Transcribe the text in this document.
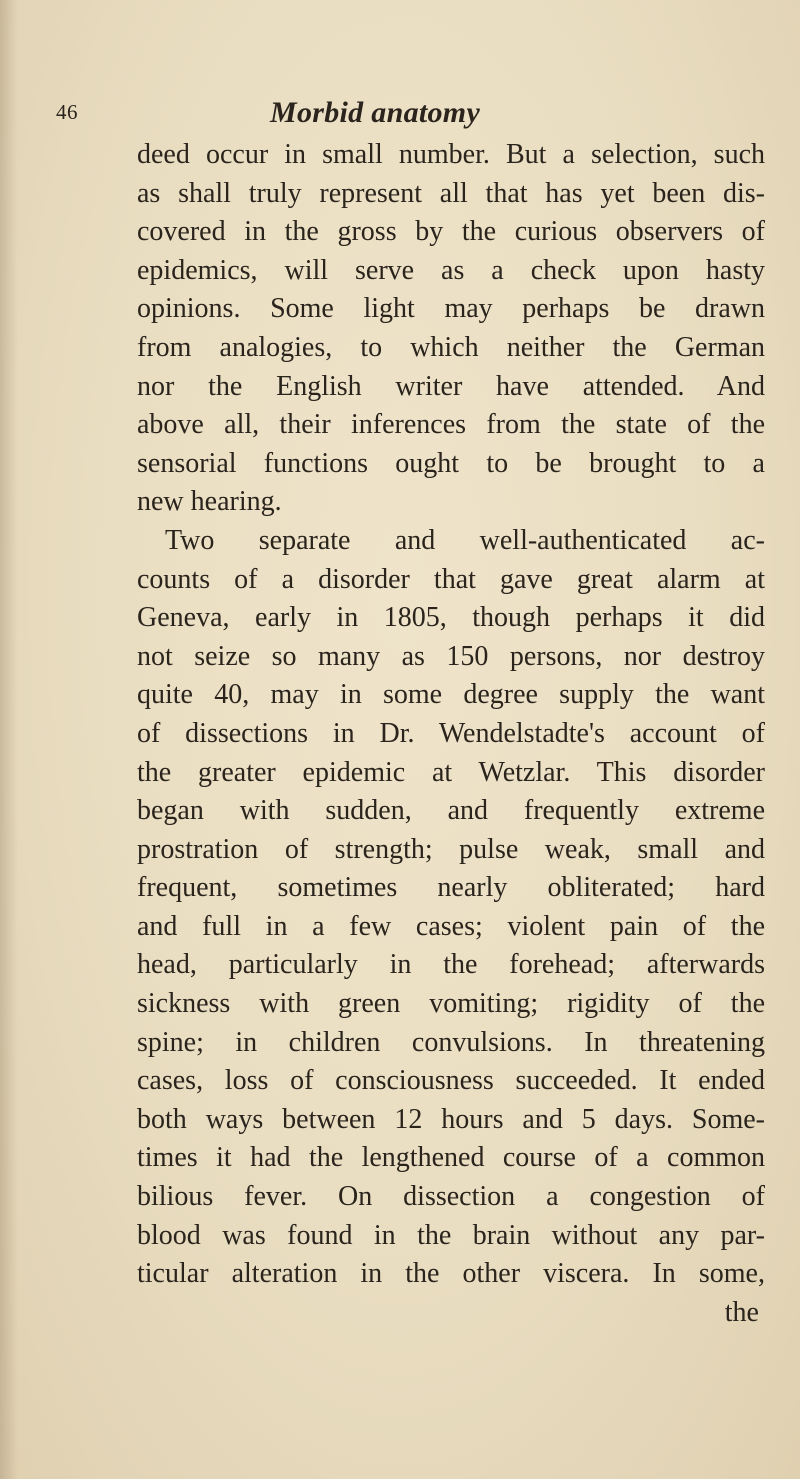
46	Morbid anatomy
deed occur in small number. But a selection, such
as shall truly represent all that has yet been dis-
covered in the gross by the curious observers of
epidemics, will serve as a check upon hasty
opinions. Some light may perhaps be drawn
from analogies, to which neither the German
nor the English writer have attended. And
above all, their inferences from the state of the
sensorial functions ought to be brought to a
new hearing.
Two separate and well-authenticated ac-
counts of a disorder that gave great alarm at
Geneva, early in 1805, though perhaps it did
not seize so many as 150 persons, nor destroy
quite 40, may in some degree supply the want
of dissections in Dr. Wendelstadte's account of
the greater epidemic at Wetzlar. This disorder
began with sudden, and frequently extreme
prostration of strength; pulse weak, small and
frequent, sometimes nearly obliterated; hard
and full in a few cases; violent pain of the
head, particularly in the forehead; afterwards
sickness with green vomiting; rigidity of the
spine; in children convulsions. In threatening
cases, loss of consciousness succeeded. It ended
both ways between 12 hours and 5 days. Some-
times it had the lengthened course of a common
bilious fever. On dissection a congestion of
blood was found in the brain without any par-
ticular alteration in the other viscera. In some,
the
